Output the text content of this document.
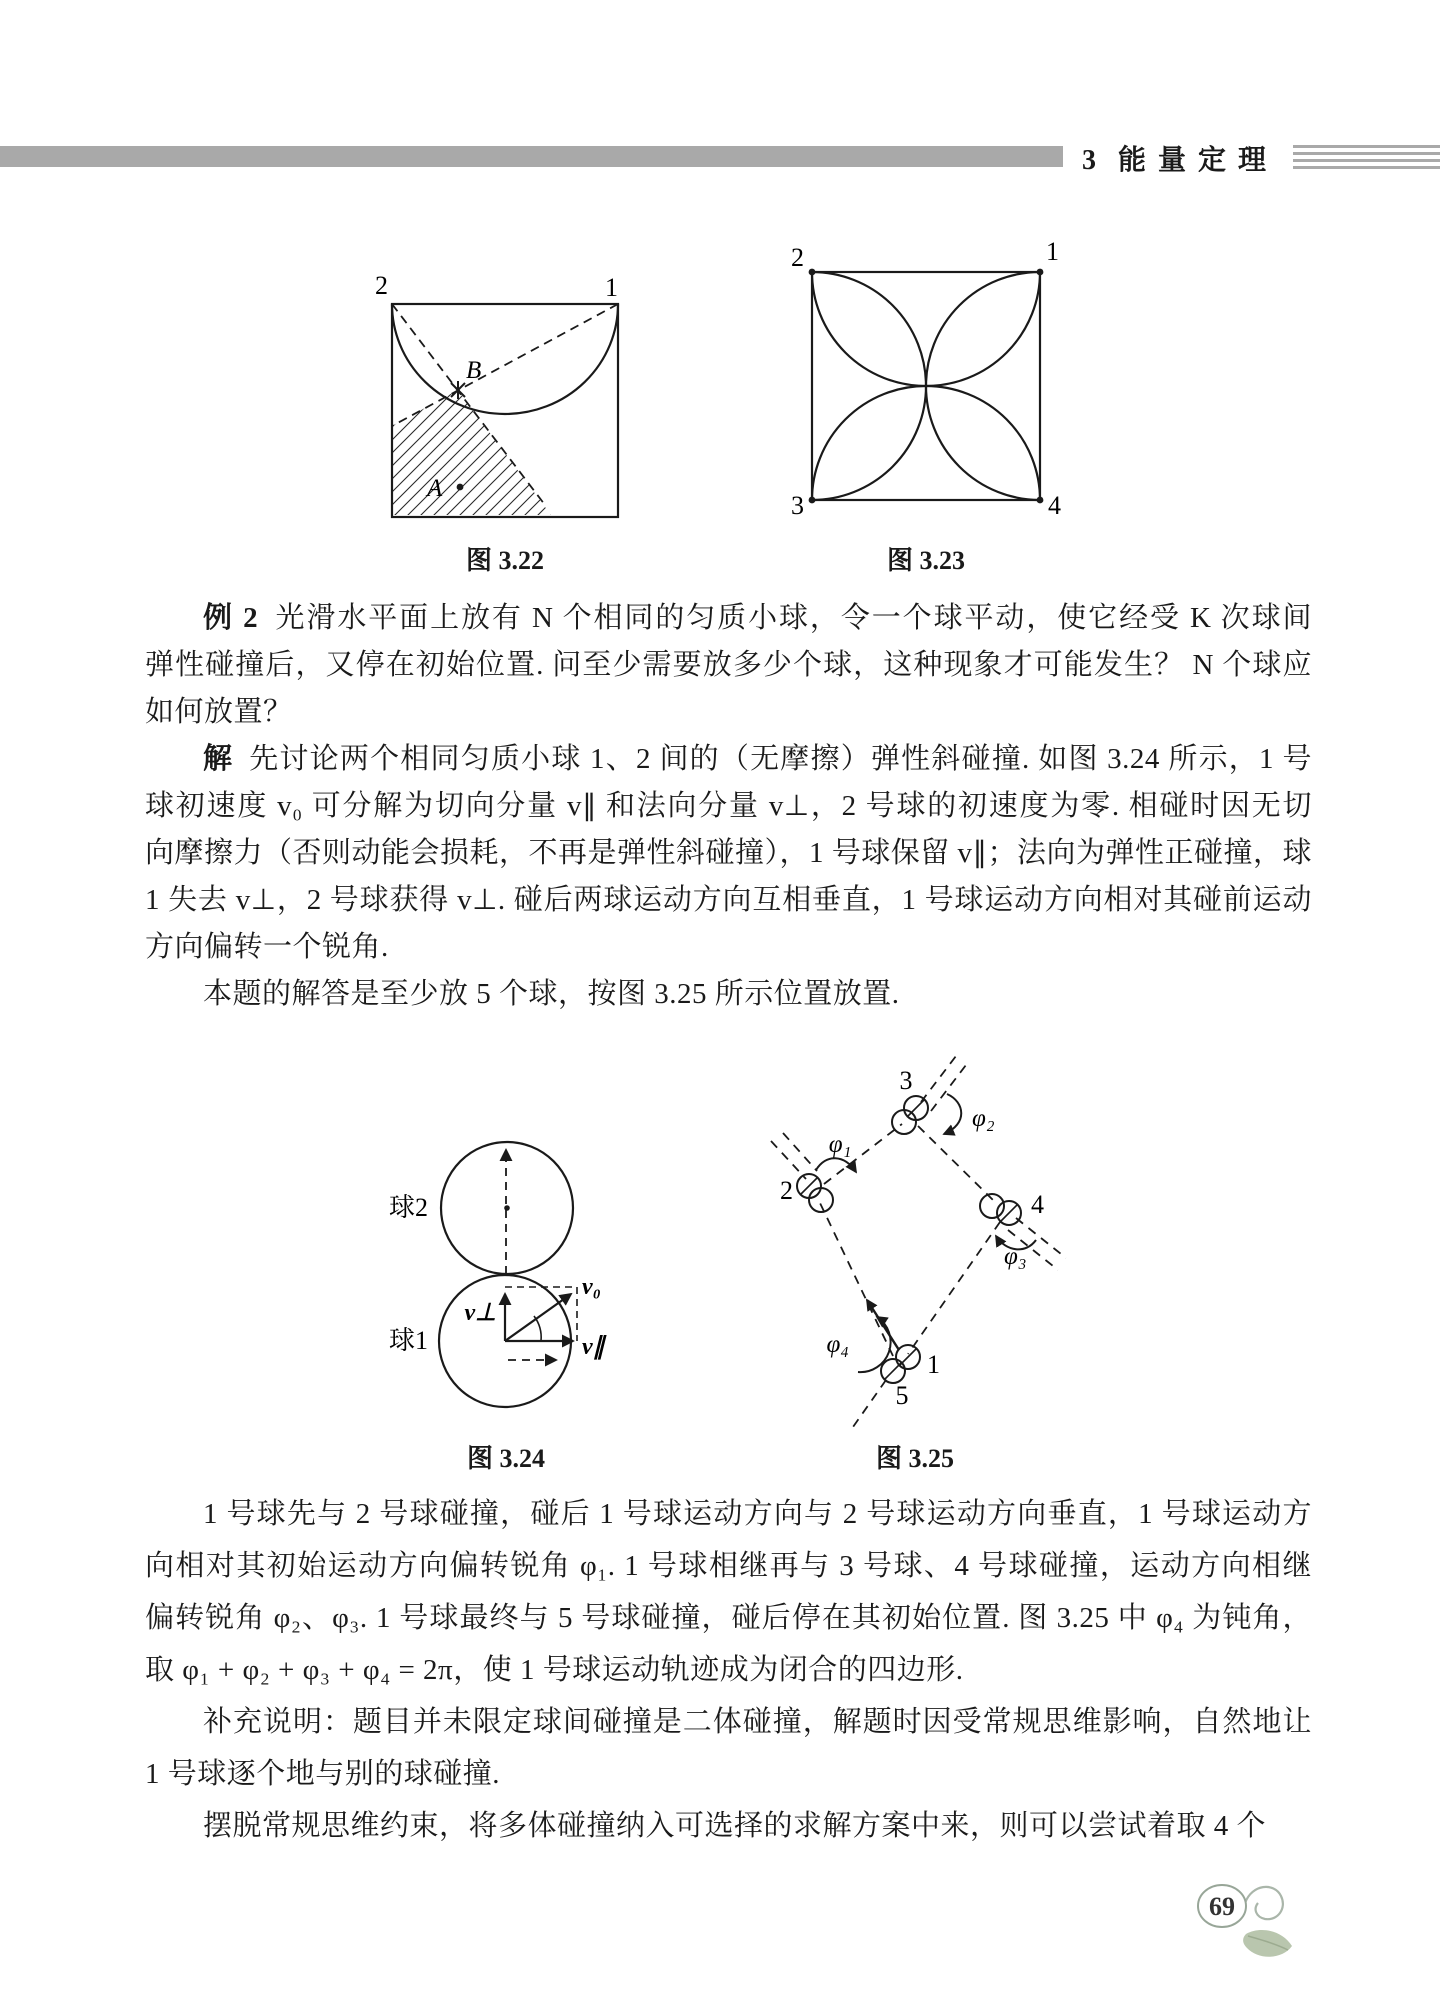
3 能量定理
B
A
2	1

图 3.22

2	1
3	4

图 3.23

例 2 光滑水平面上放有 N 个相同的匀质小球，令一个球平动，使它经受 K 次球间

弹性碰撞后，又停在初始位置. 问至少需要放多少个球，这种现象才可能发生？ N 个球应

如何放置？

解 先讨论两个相同匀质小球 1、2 间的（无摩擦）弹性斜碰撞. 如图 3.24 所示，1 号

球初速度 v₀ 可分解为切向分量 v∥ 和法向分量 v⊥，2 号球的初速度为零. 相碰时因无切

向摩擦力（否则动能会损耗，不再是弹性斜碰撞），1 号球保留 v∥；法向为弹性正碰撞，球

1 失去 v⊥，2 号球获得 v⊥. 碰后两球运动方向互相垂直，1 号球运动方向相对其碰前运动

方向偏转一个锐角.

本题的解答是至少放 5 个球，按图 3.25 所示位置放置.

球2
球1
v₀
v∥
v⊥

图 3.24

2
3
4
1
5
φ₁
φ₂
φ₃
φ₄

图 3.25

1 号球先与 2 号球碰撞，碰后 1 号球运动方向与 2 号球运动方向垂直，1 号球运动方

向相对其初始运动方向偏转锐角 φ₁. 1 号球相继再与 3 号球、4 号球碰撞，运动方向相继

偏转锐角 φ₂、φ₃. 1 号球最终与 5 号球碰撞，碰后停在其初始位置. 图 3.25 中 φ₄ 为钝角，

取 φ₁ + φ₂ + φ₃ + φ₄ = 2π，使 1 号球运动轨迹成为闭合的四边形.

补充说明：题目并未限定球间碰撞是二体碰撞，解题时因受常规思维影响，自然地让

1 号球逐个地与别的球碰撞.

摆脱常规思维约束，将多体碰撞纳入可选择的求解方案中来，则可以尝试着取 4 个

69
